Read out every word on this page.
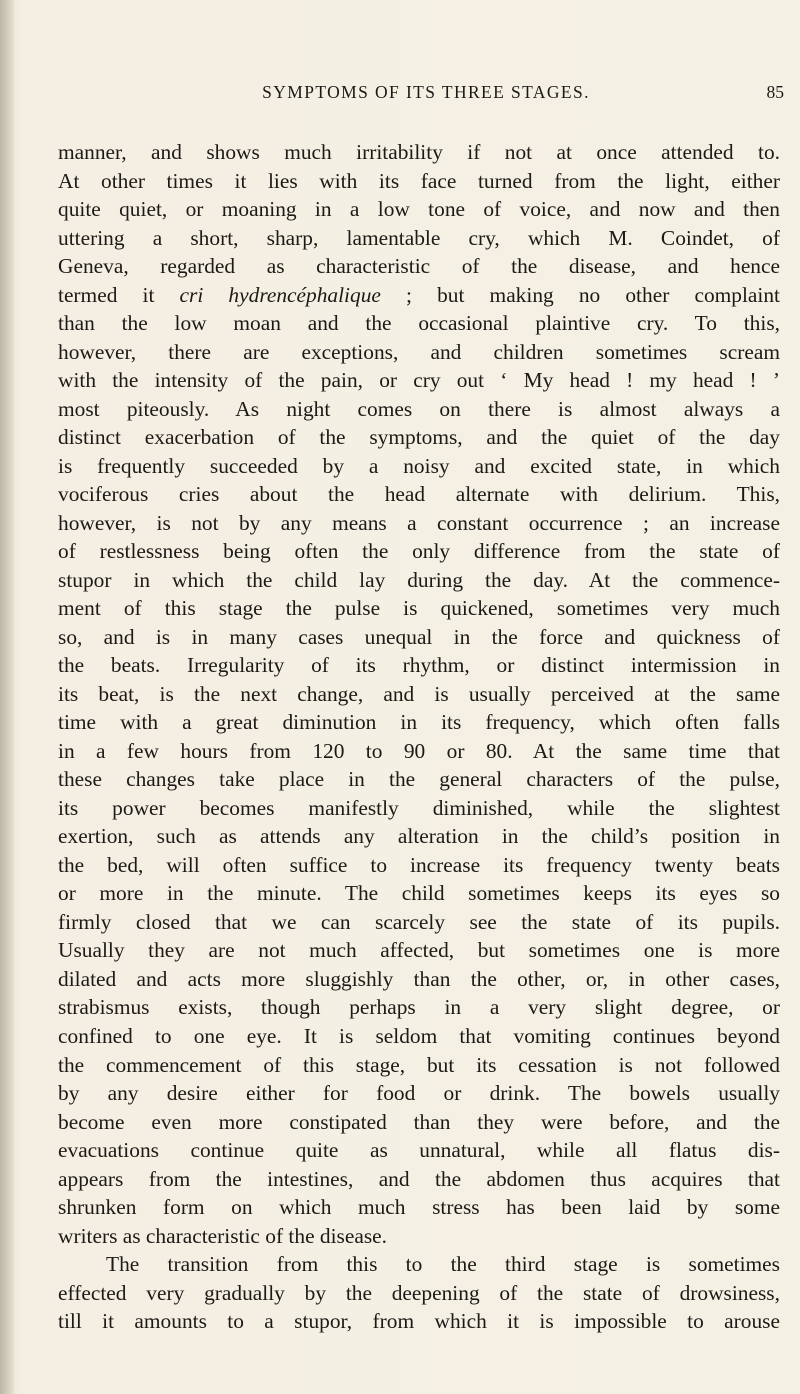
SYMPTOMS OF ITS THREE STAGES.	85

manner, and shows much irritability if not at once attended to.
At other times it lies with its face turned from the light, either
quite quiet, or moaning in a low tone of voice, and now and then
uttering a short, sharp, lamentable cry, which M. Coindet, of
Geneva, regarded as characteristic of the disease, and hence
termed it cri hydrencéphalique ; but making no other complaint
than the low moan and the occasional plaintive cry. To this,
however, there are exceptions, and children sometimes scream
with the intensity of the pain, or cry out ‘ My head ! my head ! ’
most piteously. As night comes on there is almost always a
distinct exacerbation of the symptoms, and the quiet of the day
is frequently succeeded by a noisy and excited state, in which
vociferous cries about the head alternate with delirium. This,
however, is not by any means a constant occurrence ; an increase
of restlessness being often the only difference from the state of
stupor in which the child lay during the day. At the commence-
ment of this stage the pulse is quickened, sometimes very much
so, and is in many cases unequal in the force and quickness of
the beats. Irregularity of its rhythm, or distinct intermission in
its beat, is the next change, and is usually perceived at the same
time with a great diminution in its frequency, which often falls
in a few hours from 120 to 90 or 80. At the same time that
these changes take place in the general characters of the pulse,
its power becomes manifestly diminished, while the slightest
exertion, such as attends any alteration in the child’s position in
the bed, will often suffice to increase its frequency twenty beats
or more in the minute. The child sometimes keeps its eyes so
firmly closed that we can scarcely see the state of its pupils.
Usually they are not much affected, but sometimes one is more
dilated and acts more sluggishly than the other, or, in other cases,
strabismus exists, though perhaps in a very slight degree, or
confined to one eye. It is seldom that vomiting continues beyond
the commencement of this stage, but its cessation is not followed
by any desire either for food or drink. The bowels usually
become even more constipated than they were before, and the
evacuations continue quite as unnatural, while all flatus dis-
appears from the intestines, and the abdomen thus acquires that
shrunken form on which much stress has been laid by some
writers as characteristic of the disease.

The transition from this to the third stage is sometimes
effected very gradually by the deepening of the state of drowsiness,
till it amounts to a stupor, from which it is impossible to arouse
